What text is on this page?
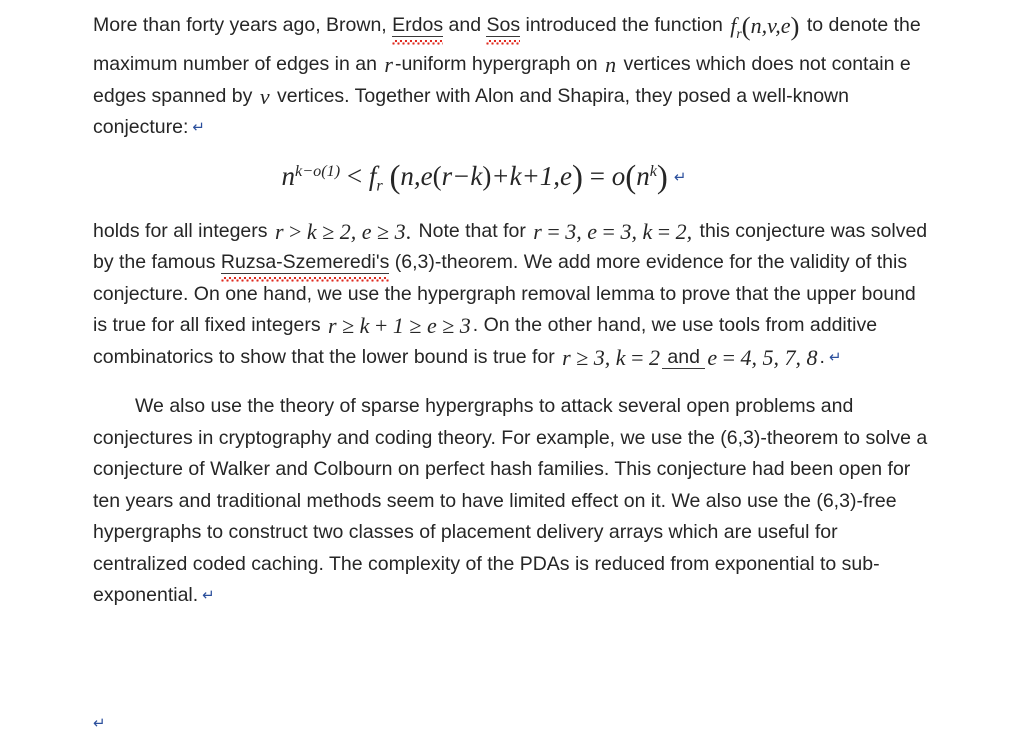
More than forty years ago, Brown, Erdos and Sos introduced the function $f_r(n,v,e)$ to denote the maximum number of edges in an r -uniform hypergraph on n vertices which does not contain e edges spanned by v vertices. Together with Alon and Shapira, they posed a well-known conjecture: ↵

$n^{k-o(1)} < f_r$ $(n,e(r-k)+k+1,e) = o(n^k)$ ↵

holds for all integers r > k ≥ 2, e ≥ 3. Note that for r = 3, e = 3, k = 2, this conjecture was solved by the famous Ruzsa-Szemeredi's (6,3)-theorem. We add more evidence for the validity of this conjecture. On one hand, we use the hypergraph removal lemma to prove that the upper bound is true for all fixed integers r ≥ k + 1 ≥ e ≥ 3 . On the other hand, we use tools from additive combinatorics to show that the lower bound is true for r ≥ 3, k = 2 and e = 4, 5, 7, 8 . ↵

We also use the theory of sparse hypergraphs to attack several open problems and conjectures in cryptography and coding theory. For example, we use the (6,3)-theorem to solve a conjecture of Walker and Colbourn on perfect hash families. This conjecture had been open for ten years and traditional methods seem to have limited effect on it. We also use the (6,3)-free hypergraphs to construct two classes of placement delivery arrays which are useful for centralized coded caching. The complexity of the PDAs is reduced from exponential to sub-exponential. ↵

↵
